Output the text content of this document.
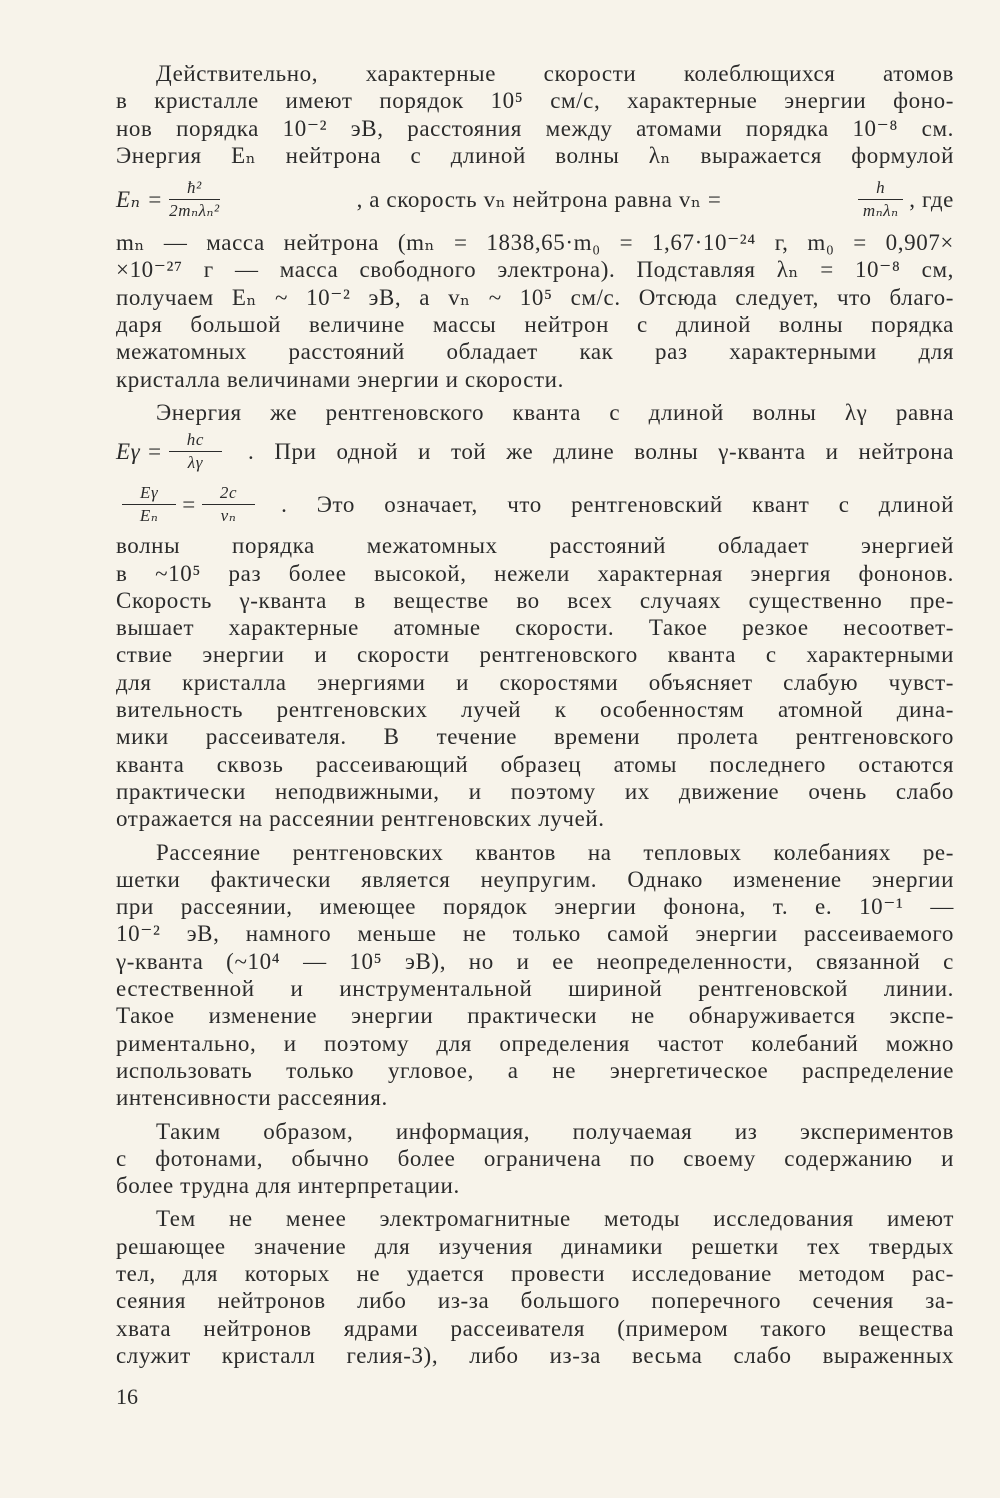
Действительно, характерные скорости колеблющихся атомов
в кристалле имеют порядок 10⁵ см/с, характерные энергии фоно-
нов порядка 10⁻² эВ, расстояния между атомами порядка 10⁻⁸ см.
Энергия Eₙ нейтрона с длиной волны λₙ выражается формулой
$E_n = \frac{\text{ħ²}}{\text{2mₙλₙ²}}$	, а скорость vₙ нейтрона равна vₙ =	$\frac{h}{\text{mₙλₙ}}$ , где
mₙ — масса нейтрона (mₙ = 1838,65·m₀ = 1,67·10⁻²⁴ г, m₀ = 0,907×
×10⁻²⁷ г — масса свободного электрона). Подставляя λₙ = 10⁻⁸ см,
получаем Eₙ ~ 10⁻² эВ, а vₙ ~ 10⁵ см/с. Отсюда следует, что благо-
даря большой величине массы нейтрон с длиной волны порядка
межатомных расстояний обладает как раз характерными для
кристалла величинами энергии и скорости.
Энергия же рентгеновского кванта с длиной волны λγ равна
$E\gamma = \frac{hc}{\lambda\gamma}$	. При одной и той же длине волны γ-кванта и нейтрона
$\frac{E\gamma}{\text{Eₙ}} = \frac{2c}{\text{vₙ}}$	. Это означает, что рентгеновский квант с длиной
волны порядка межатомных расстояний обладает энергией
в ~10⁵ раз более высокой, нежели характерная энергия фононов.
Скорость γ-кванта в веществе во всех случаях существенно пре-
вышает характерные атомные скорости. Такое резкое несоответ-
ствие энергии и скорости рентгеновского кванта с характерными
для кристалла энергиями и скоростями объясняет слабую чувст-
вительность рентгеновских лучей к особенностям атомной дина-
мики рассеивателя. В течение времени пролета рентгеновского
кванта сквозь рассеивающий образец атомы последнего остаются
практически неподвижными, и поэтому их движение очень слабо
отражается на рассеянии рентгеновских лучей.
Рассеяние рентгеновских квантов на тепловых колебаниях ре-
шетки фактически является неупругим. Однако изменение энергии
при рассеянии, имеющее порядок энергии фонона, т. е. 10⁻¹ —
10⁻² эВ, намного меньше не только самой энергии рассеиваемого
γ-кванта (~10⁴ — 10⁵ эВ), но и ее неопределенности, связанной с
естественной и инструментальной шириной рентгеновской линии.
Такое изменение энергии практически не обнаруживается экспе-
риментально, и поэтому для определения частот колебаний можно
использовать только угловое, а не энергетическое распределение
интенсивности рассеяния.
Таким образом, информация, получаемая из экспериментов
с фотонами, обычно более ограничена по своему содержанию и
более трудна для интерпретации.
Тем не менее электромагнитные методы исследования имеют
решающее значение для изучения динамики решетки тех твердых
тел, для которых не удается провести исследование методом рас-
сеяния нейтронов либо из-за большого поперечного сечения за-
хвата нейтронов ядрами рассеивателя (примером такого вещества
служит кристалл гелия-3), либо из-за весьма слабо выраженных
16
